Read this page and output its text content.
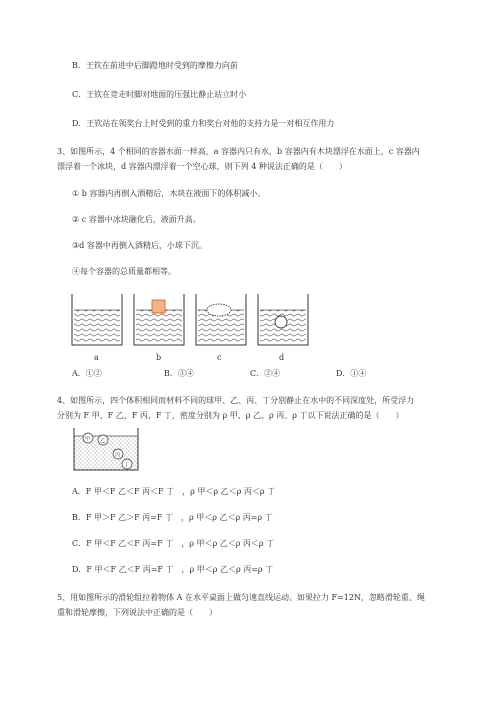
B．王钦在前进中后脚蹬地时受到的摩擦力向前
C．王钦在竞走时脚对地面的压强比静止站立时小
D．王钦站在领奖台上时受到的重力和奖台对他的支持力是一对相互作用力
3、如图所示，4 个相同的容器水面一样高，a 容器内只有水，b 容器内有木块漂浮在水面上，c 容器内
漂浮着一个冰块，d 容器内漂浮着一个空心球，则下列 4 种说法正确的是（　　）
① b 容器内再倒入酒精后，木块在液面下的体积减小。
② c 容器中冰块融化后，液面升高。
③d 容器中再倒入酒精后，小球下沉。
④每个容器的总质量都相等。
a	b	c	d
A．①②	B．③④	C．②④	D．①④
4、如图所示，四个体积相同而材料不同的球甲、乙、丙、丁分别静止在水中的不同深度处，所受浮力
分别为 F 甲、F 乙、F 丙、F 丁，密度分别为 ρ 甲、ρ 乙、ρ 丙、ρ 丁以下说法正确的是（　　）
甲 乙
丙
丁
A．F 甲＜F 乙＜F 丙＜F 丁　，ρ 甲＜ρ 乙＜ρ 丙＜ρ 丁
B．F 甲＞F 乙＞F 丙=F 丁　，ρ 甲＜ρ 乙＜ρ 丙=ρ 丁
C．F 甲＜F 乙＜F 丙=F 丁　，ρ 甲＜ρ 乙＜ρ 丙＜ρ 丁
D．F 甲＜F 乙＜F 丙=F 丁　，ρ 甲＜ρ 乙＜ρ 丙=ρ 丁
5、用如图所示的滑轮组拉着物体 A 在水平桌面上做匀速直线运动。如果拉力 F=12N，忽略滑轮重、绳
重和滑轮摩擦，下列说法中正确的是（　　）
